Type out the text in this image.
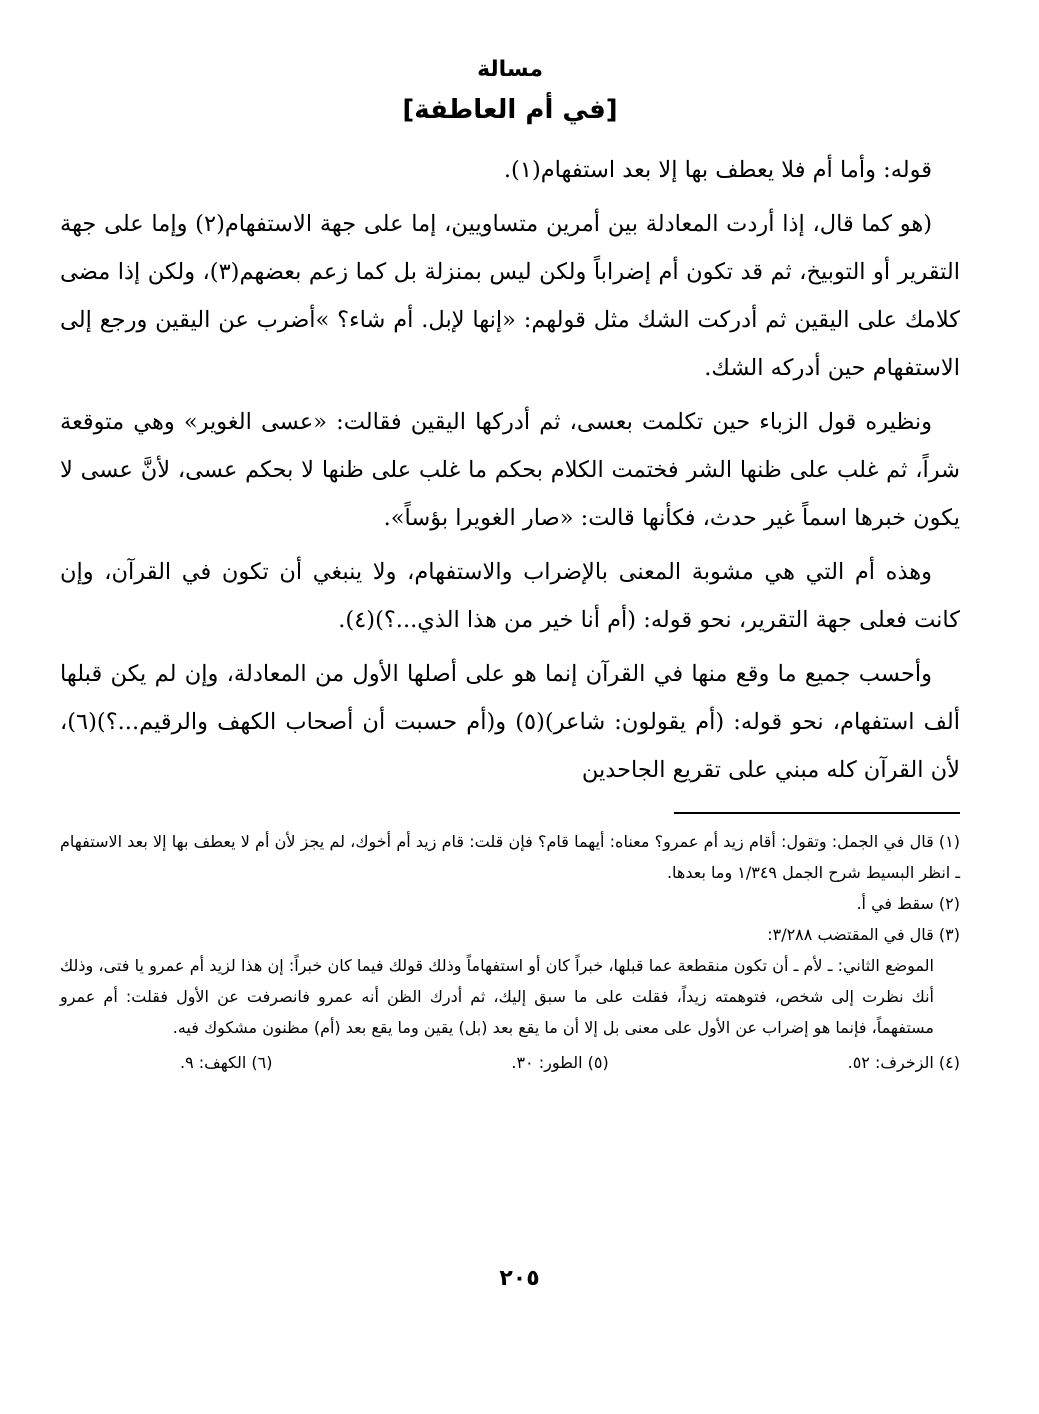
مسالة
[في أم العاطفة]

قوله: وأما أم فلا يعطف بها إلا بعد استفهام(١).

(هو كما قال، إذا أردت المعادلة بين أمرين متساويين، إما على جهة الاستفهام(٢) وإما على جهة التقرير أو التوبيخ، ثم قد تكون أم إضراباً ولكن ليس بمنزلة بل كما زعم بعضهم(٣)، ولكن إذا مضى كلامك على اليقين ثم أدركت الشك مثل قولهم: «إنها لإبل. أم شاء؟ »أضرب عن اليقين ورجع إلى الاستفهام حين أدركه الشك.

ونظيره قول الزباء حين تكلمت بعسى، ثم أدركها اليقين فقالت: «عسى الغوير» وهي متوقعة شراً، ثم غلب على ظنها الشر فختمت الكلام بحكم ما غلب على ظنها لا بحكم عسى، لأنَّ عسى لا يكون خبرها اسماً غير حدث، فكأنها قالت: «صار الغويرا بؤساً».

وهذه أم التي هي مشوبة المعنى بالإضراب والاستفهام، ولا ينبغي أن تكون في القرآن، وإن كانت فعلى جهة التقرير، نحو قوله: (أم أنا خير من هذا الذي...؟)(٤).

وأحسب جميع ما وقع منها في القرآن إنما هو على أصلها الأول من المعادلة، وإن لم يكن قبلها ألف استفهام، نحو قوله: (أم يقولون: شاعر)(٥) و(أم حسبت أن أصحاب الكهف والرقيم...؟)(٦)، لأن القرآن كله مبني على تقريع الجاحدين

(١) قال في الجمل: وتقول: أقام زيد أم عمرو؟ معناه: أيهما قام؟ فإن قلت: قام زيد أم أخوك، لم يجز لأن أم لا يعطف بها إلا بعد الاستفهام ـ انظر البسيط شرح الجمل ١/٣٤٩ وما بعدها.

(٢) سقط في أ.

(٣) قال في المقتضب ٣/٢٨٨:

الموضع الثاني: ـ لأم ـ أن تكون منقطعة عما قبلها، خبراً كان أو استفهاماً وذلك قولك فيما كان خبراً: إن هذا لزيد أم عمرو يا فتى، وذلك أنك نظرت إلى شخص، فتوهمته زيداً، فقلت على ما سبق إليك، ثم أدرك الظن أنه عمرو فانصرفت عن الأول فقلت: أم عمرو مستفهماً، فإنما هو إضراب عن الأول على معنى بل إلا أن ما يقع بعد (بل) يقين وما يقع بعد (أم) مظنون مشكوك فيه.

(٤) الزخرف: ٥٢.
(٥) الطور: ٣٠.
(٦) الكهف: ٩.
٢٠٥
